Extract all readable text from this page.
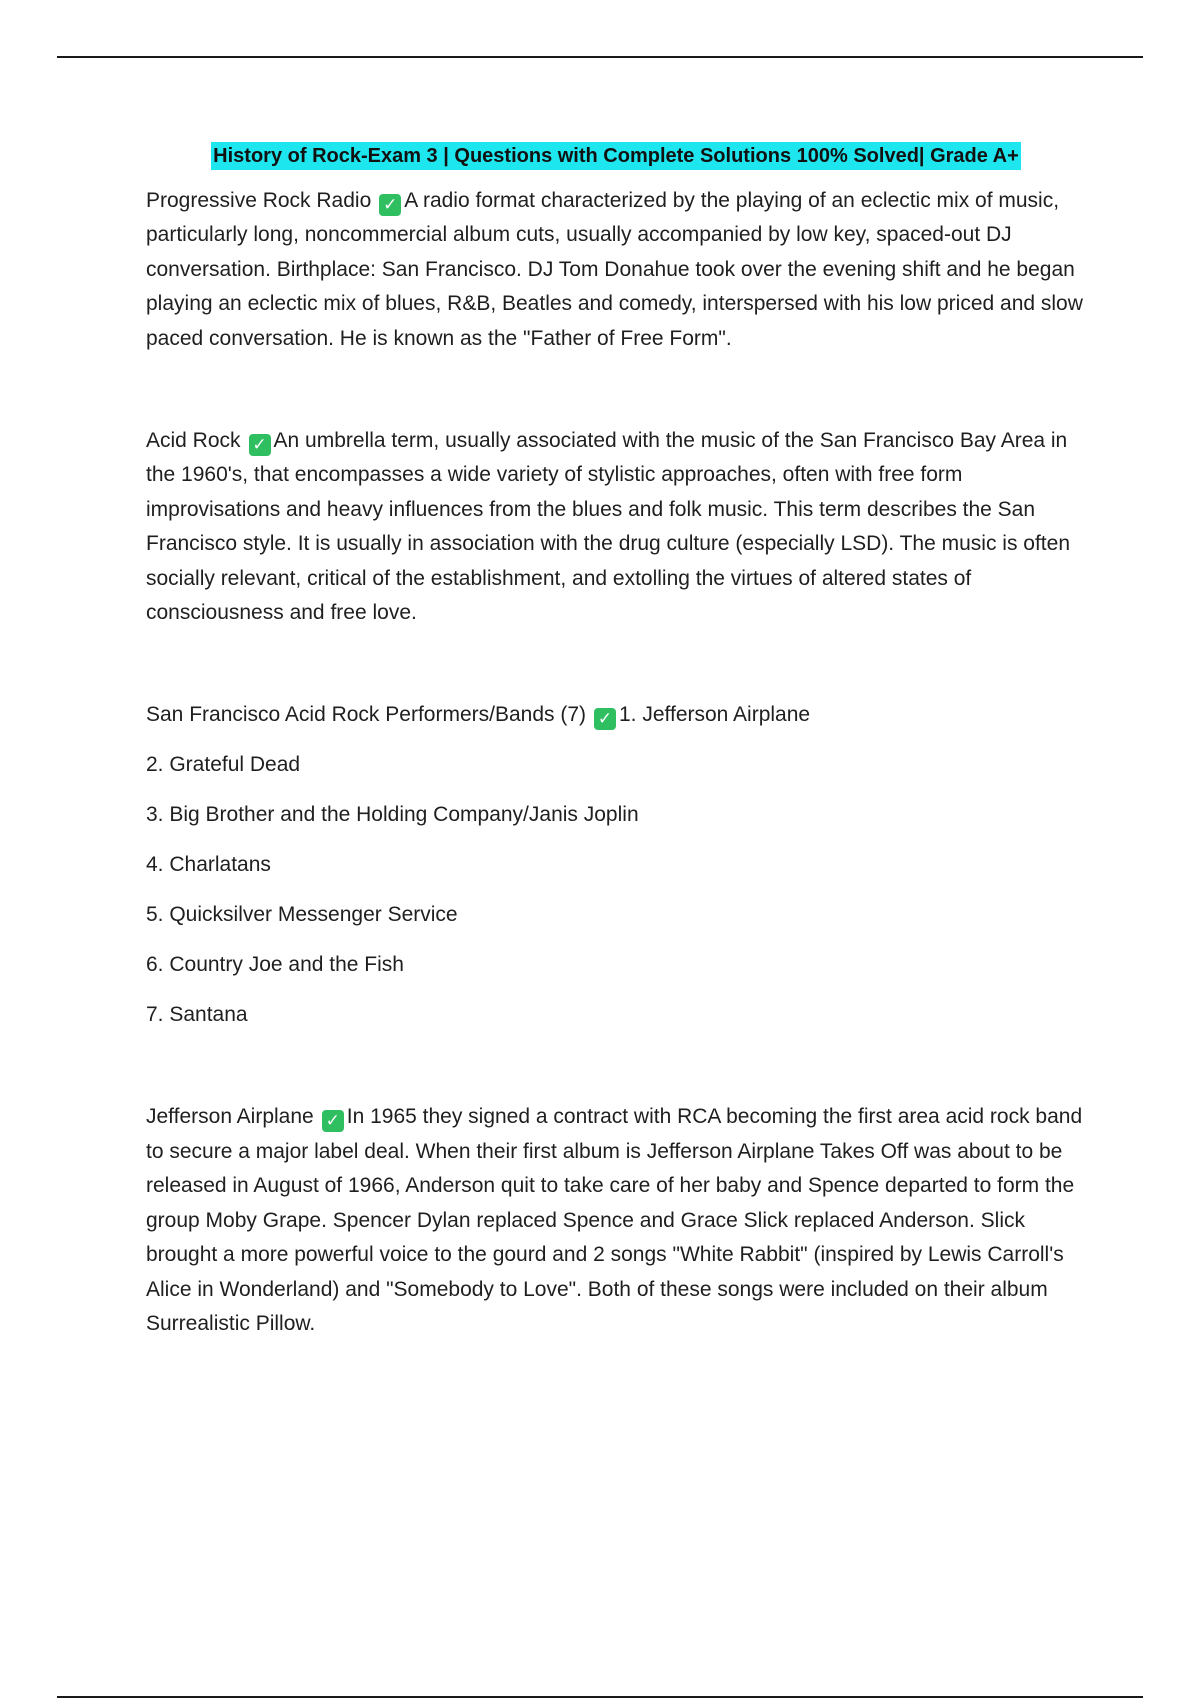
History of Rock-Exam 3 | Questions with Complete Solutions 100% Solved| Grade A+

Progressive Rock Radio ✓ A radio format characterized by the playing of an eclectic mix of music, particularly long, noncommercial album cuts, usually accompanied by low key, spaced-out DJ conversation. Birthplace: San Francisco. DJ Tom Donahue took over the evening shift and he began playing an eclectic mix of blues, R&B, Beatles and comedy, interspersed with his low priced and slow paced conversation. He is known as the "Father of Free Form".

Acid Rock ✓ An umbrella term, usually associated with the music of the San Francisco Bay Area in the 1960's, that encompasses a wide variety of stylistic approaches, often with free form improvisations and heavy influences from the blues and folk music. This term describes the San Francisco style. It is usually in association with the drug culture (especially LSD). The music is often socially relevant, critical of the establishment, and extolling the virtues of altered states of consciousness and free love.

San Francisco Acid Rock Performers/Bands (7) ✓ 1. Jefferson Airplane

2. Grateful Dead

3. Big Brother and the Holding Company/Janis Joplin

4. Charlatans

5. Quicksilver Messenger Service

6. Country Joe and the Fish

7. Santana

Jefferson Airplane ✓ In 1965 they signed a contract with RCA becoming the first area acid rock band to secure a major label deal. When their first album is Jefferson Airplane Takes Off was about to be released in August of 1966, Anderson quit to take care of her baby and Spence departed to form the group Moby Grape. Spencer Dylan replaced Spence and Grace Slick replaced Anderson. Slick brought a more powerful voice to the gourd and 2 songs "White Rabbit" (inspired by Lewis Carroll's Alice in Wonderland) and "Somebody to Love". Both of these songs were included on their album Surrealistic Pillow.
